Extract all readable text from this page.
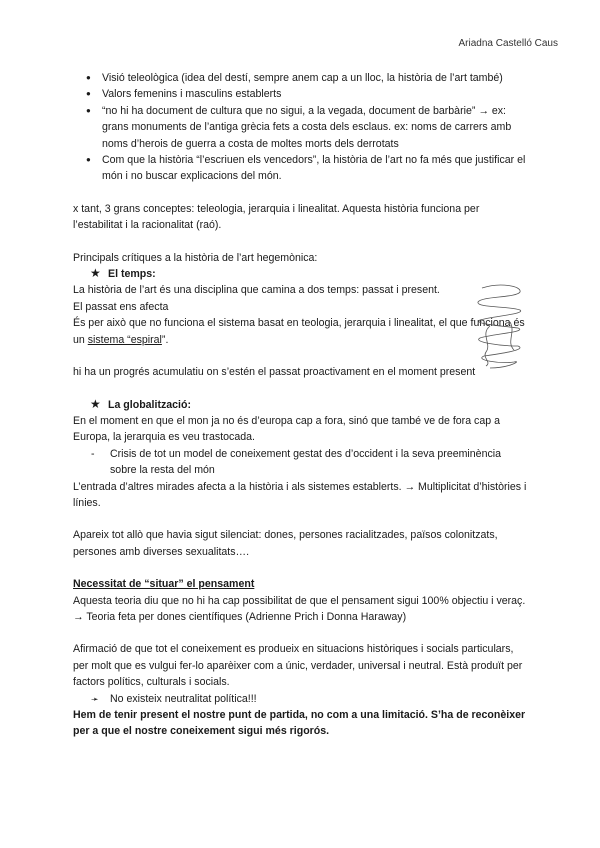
Ariadna Castelló Caus
● Visió teleològica (idea del destí, sempre anem cap a un lloc, la història de l’art també)
● Valors femenins i masculins establerts
● “no hi ha document de cultura que no sigui, a la vegada, document de barbàrie” → ex: grans monuments de l’antiga grècia fets a costa dels esclaus. ex: noms de carrers amb noms d’herois de guerra a costa de moltes morts dels derrotats
● Com que la història “l’escriuen els vencedors”, la història de l’art no fa més que justificar el món i no buscar explicacions del món.

x tant, 3 grans conceptes: teleologia, jerarquia i linealitat. Aquesta història funciona per l’estabilitat i la racionalitat (raó).

Principals crítiques a la història de l’art hegemònica:

★ El temps:

La història de l’art és una disciplina que camina a dos temps: passat i present.

El passat ens afecta

És per això que no funciona el sistema basat en teologia, jerarquia i linealitat, el que funciona és un sistema “espiral”.

hi ha un progrés acumulatiu on s’estén el passat proactivament en el moment present

★ La globalització:

En el moment en que el mon ja no és d’europa cap a fora, sinó que també ve de fora cap a Europa, la jerarquia es veu trastocada.

- Crisis de tot un model de coneixement gestat des d’occident i la seva preeminència sobre la resta del món

L’entrada d’altres mirades afecta a la història i als sistemes establerts. → Multiplicitat d’històries i línies.

Apareix tot allò que havia sigut silenciat: dones, persones racialitzades, països colonitzats, persones amb diverses sexualitats….

Necessitat de “situar” el pensament

Aquesta teoria diu que no hi ha cap possibilitat de que el pensament sigui 100% objectiu i veraç. → Teoria feta per dones científiques (Adrienne Prich i Donna Haraway)

Afirmació de que tot el coneixement es produeix en situacions històriques i socials particulars, per molt que es vulgui fer-lo aparèixer com a únic, verdader, universal i neutral. Està produït per factors polítics, culturals i socials.

➛ No existeix neutralitat política!!!

Hem de tenir present el nostre punt de partida, no com a una limitació. S’ha de reconèixer per a que el nostre coneixement sigui més rigorós.
